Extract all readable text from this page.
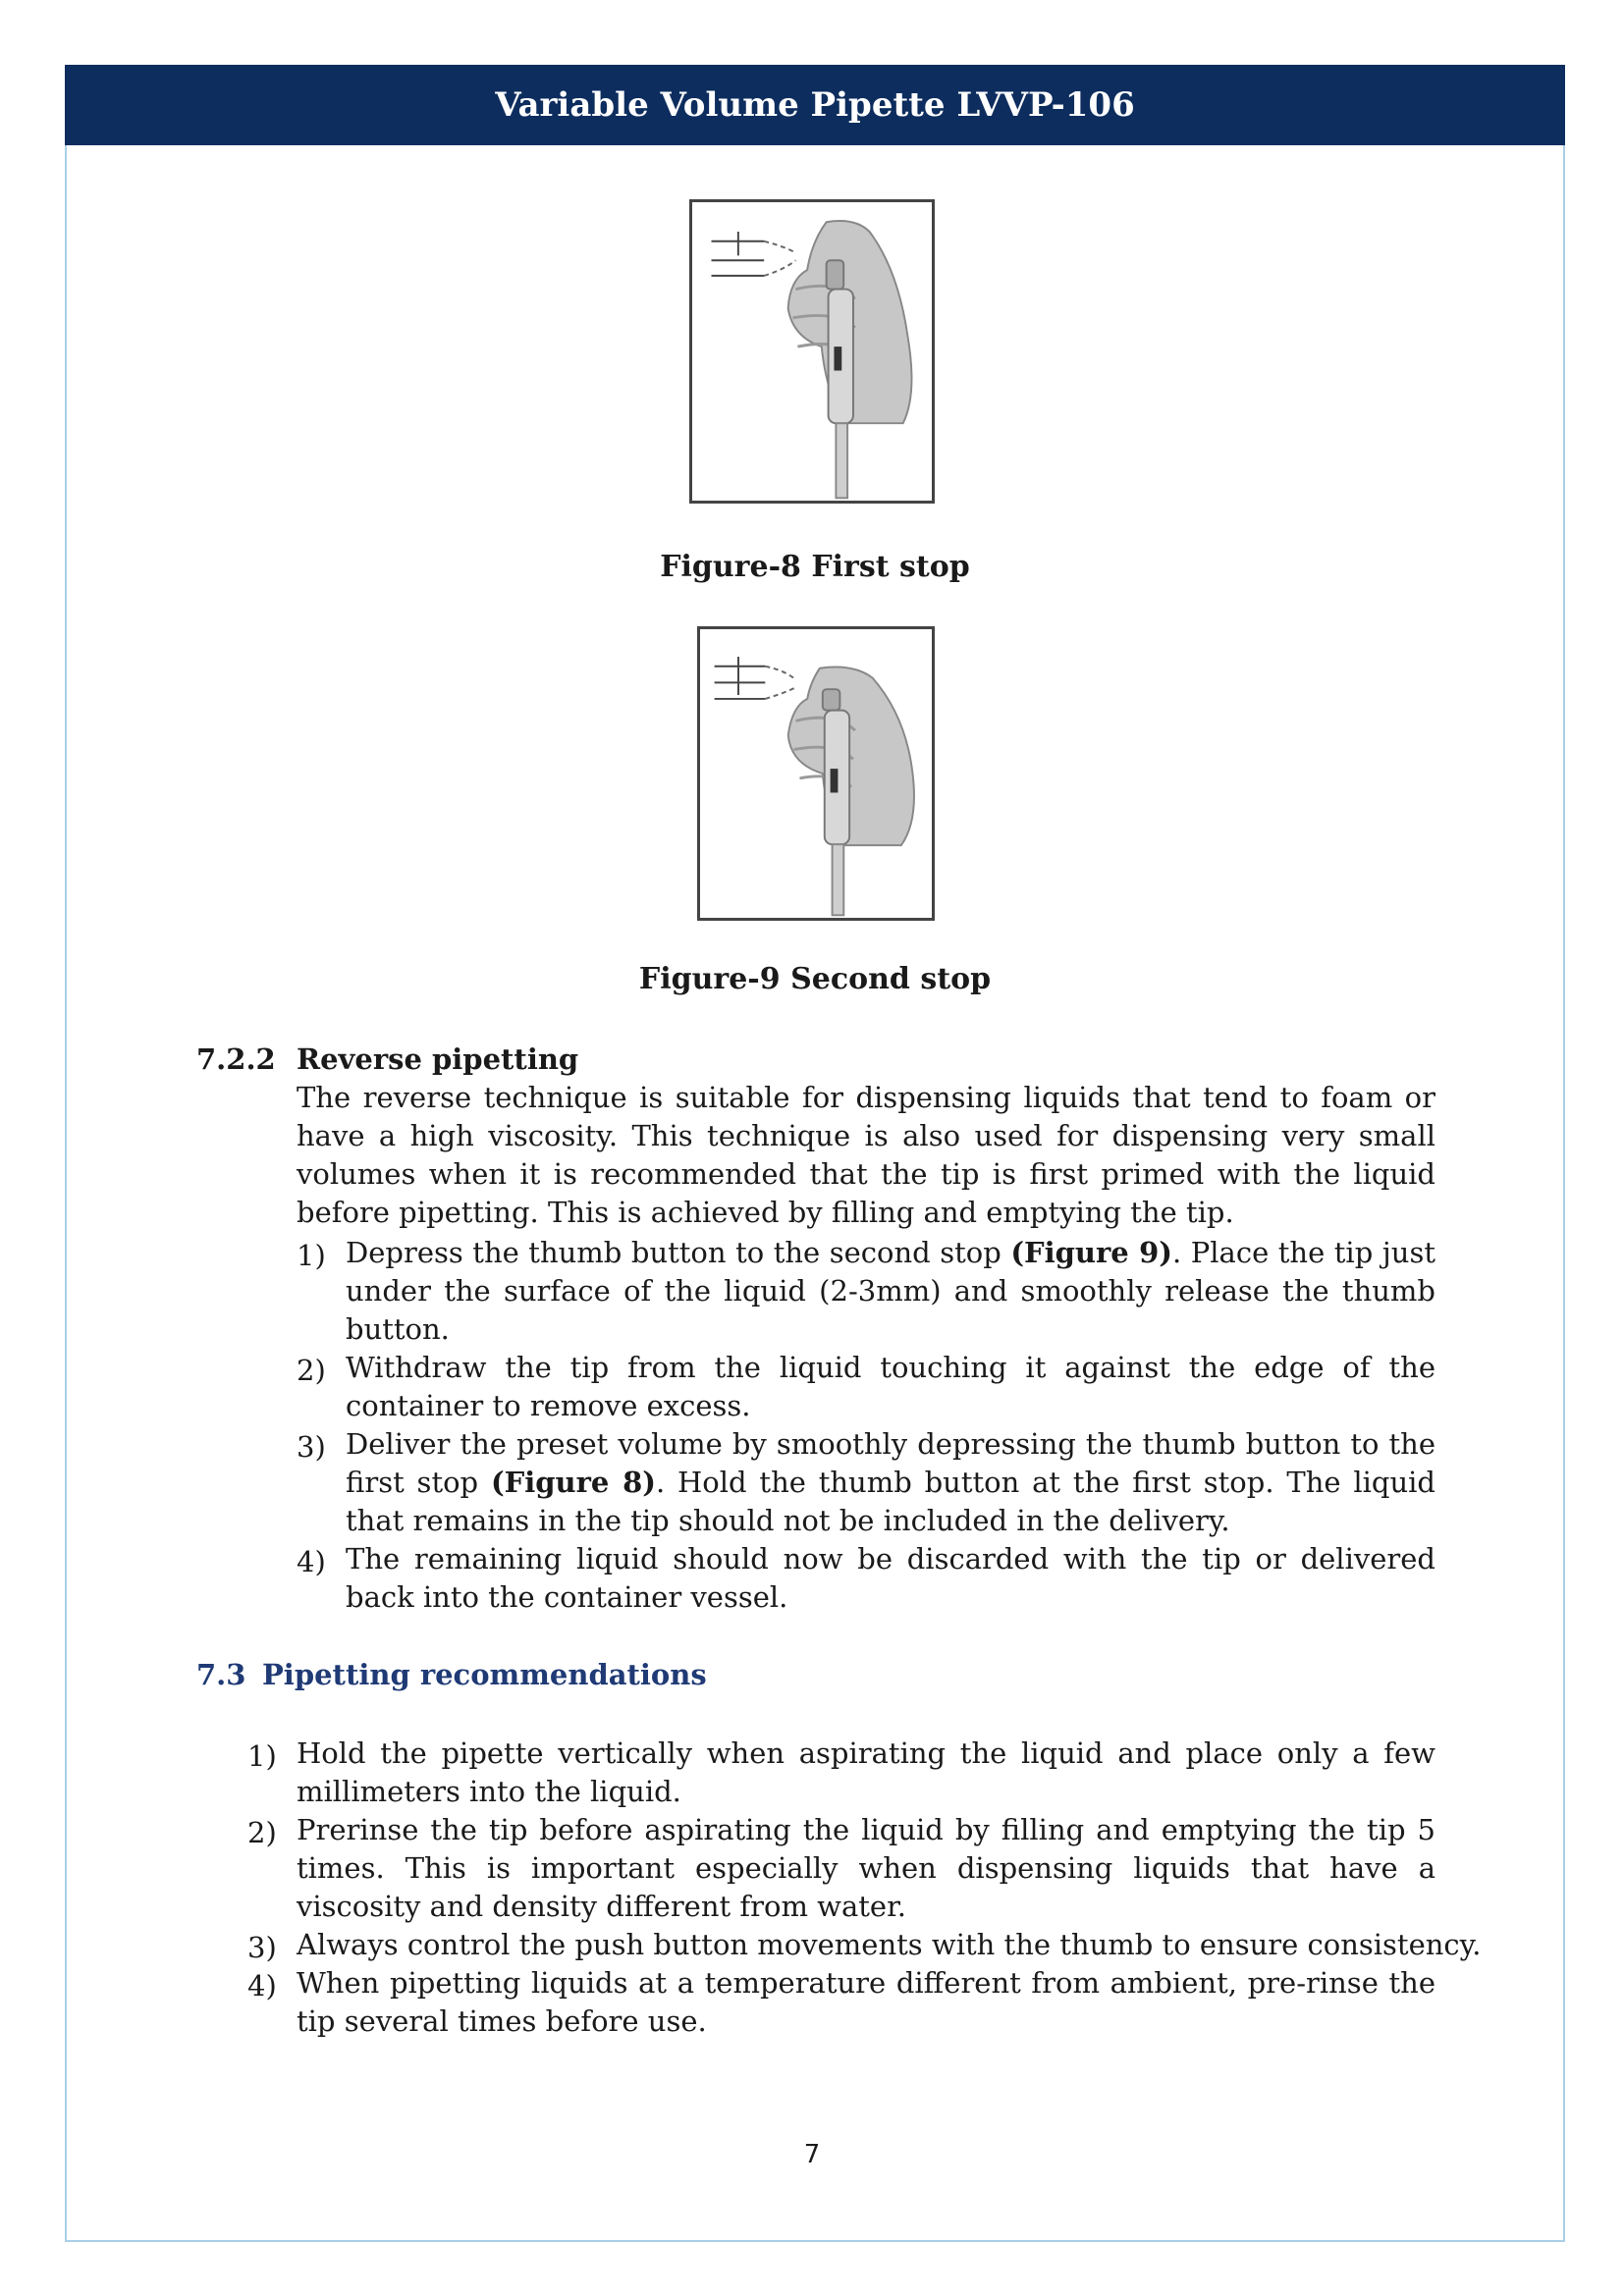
Variable Volume Pipette LVVP-106
Figure-8 First stop
Figure-9 Second stop
7.2.2 Reverse pipetting
The reverse technique is suitable for dispensing liquids that tend to foam or have a high viscosity. This technique is also used for dispensing very small volumes when it is recommended that the tip is first primed with the liquid before pipetting. This is achieved by filling and emptying the tip.
1) Depress the thumb button to the second stop (Figure 9). Place the tip just under the surface of the liquid (2-3mm) and smoothly release the thumb button.
2) Withdraw the tip from the liquid touching it against the edge of the container to remove excess.
3) Deliver the preset volume by smoothly depressing the thumb button to the first stop (Figure 8). Hold the thumb button at the first stop. The liquid that remains in the tip should not be included in the delivery.
4) The remaining liquid should now be discarded with the tip or delivered back into the container vessel.
7.3 Pipetting recommendations
1) Hold the pipette vertically when aspirating the liquid and place only a few millimeters into the liquid.
2) Prerinse the tip before aspirating the liquid by filling and emptying the tip 5 times. This is important especially when dispensing liquids that have a viscosity and density different from water.
3) Always control the push button movements with the thumb to ensure consistency.
4) When pipetting liquids at a temperature different from ambient, pre-rinse the tip several times before use.
7
